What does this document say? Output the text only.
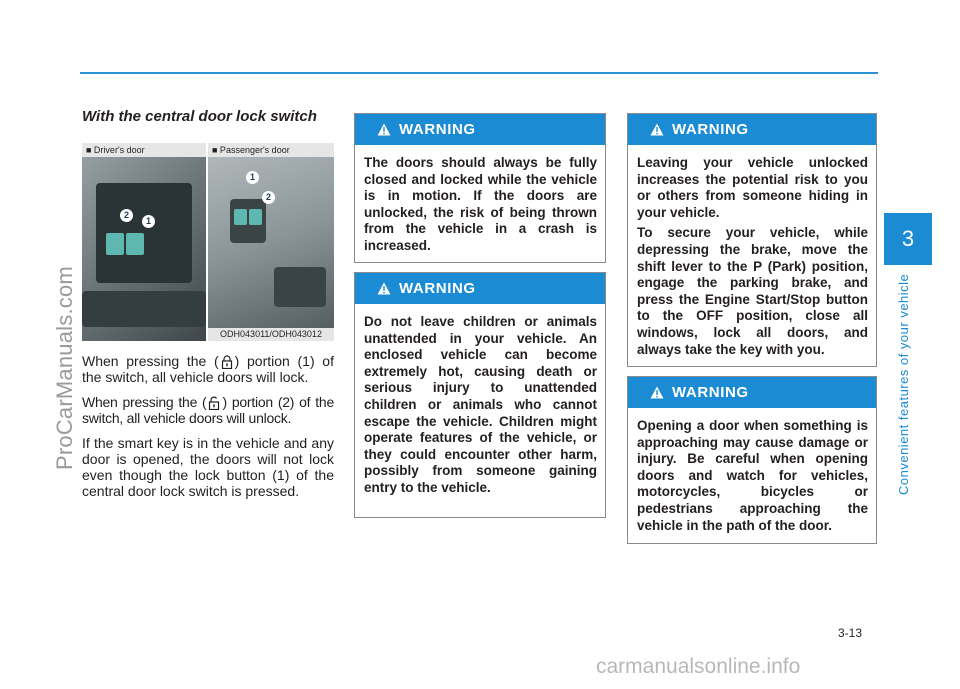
ProCarManuals.com
carmanualsonline.info
3
Convenient features of your vehicle
3-13
With the central door lock switch
2
1
■ Driver's door
1
2
■ Passenger's door
ODH043011/ODH043012

When pressing the ( ) portion (1) of the switch, all vehicle doors will lock.

When pressing the ( ) portion (2) of the switch, all vehicle doors will unlock.

If the smart key is in the vehicle and any door is opened, the doors will not lock even though the lock button (1) of the central door lock switch is pressed.

WARNING

The doors should always be fully closed and locked while the vehicle is in motion. If the doors are unlocked, the risk of being thrown from the vehicle in a crash is increased.

WARNING

Do not leave children or animals unattended in your vehicle. An enclosed vehicle can become extremely hot, causing death or serious injury to unattended children or animals who cannot escape the vehicle. Children might operate features of the vehicle, or they could encounter other harm, possibly from someone gaining entry to the vehicle.

WARNING

Leaving your vehicle unlocked increases the potential risk to you or others from someone hiding in your vehicle.

To secure your vehicle, while depressing the brake, move the shift lever to the P (Park) position, engage the parking brake, and press the Engine Start/Stop button to the OFF position, close all windows, lock all doors, and always take the key with you.

WARNING

Opening a door when something is approaching may cause damage or injury. Be careful when opening doors and watch for vehicles, motorcycles, bicycles or pedestrians approaching the vehicle in the path of the door.
